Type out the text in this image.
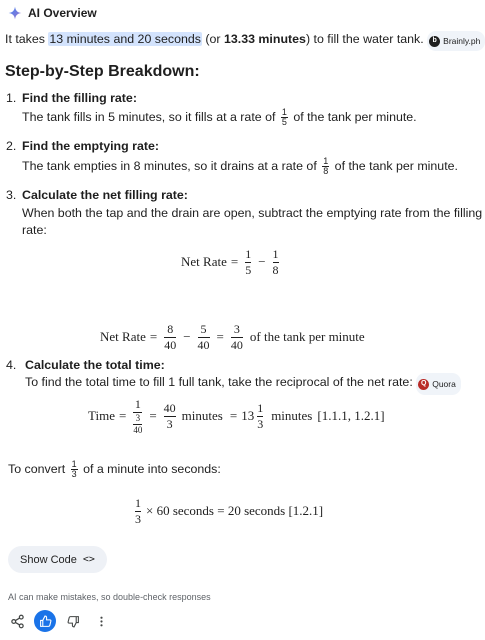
AI Overview
It takes 13 minutes and 20 seconds (or 13.33 minutes) to fill the water tank.	b Brainly.ph
Step-by-Step Breakdown:
1. Find the filling rate:
The tank fills in 5 minutes, so it fills at a rate of $\frac{1}{5}$ of the tank per minute.
2. Find the emptying rate:
The tank empties in 8 minutes, so it drains at a rate of $\frac{1}{8}$ of the tank per minute.
3. Calculate the net filling rate:
When both the tap and the drain are open, subtract the emptying rate from the filling
rate:
Net Rate =
1
5
−
1
8
Net Rate =
8
40
−
5
40
=
3
40
of the tank per minute
4. Calculate the total time:
To find the total time to fill 1 full tank, take the reciprocal of the net rate:	Q Quora
Time =
1
3
40
=
40
3
minutes = 13
1
3
minutes [1.1.1, 1.2.1]
To convert $\frac{1}{3}$ of a minute into seconds:
1
3
× 60 seconds = 20 seconds [1.2.1]
Show Code <>
AI can make mistakes, so double-check responses
